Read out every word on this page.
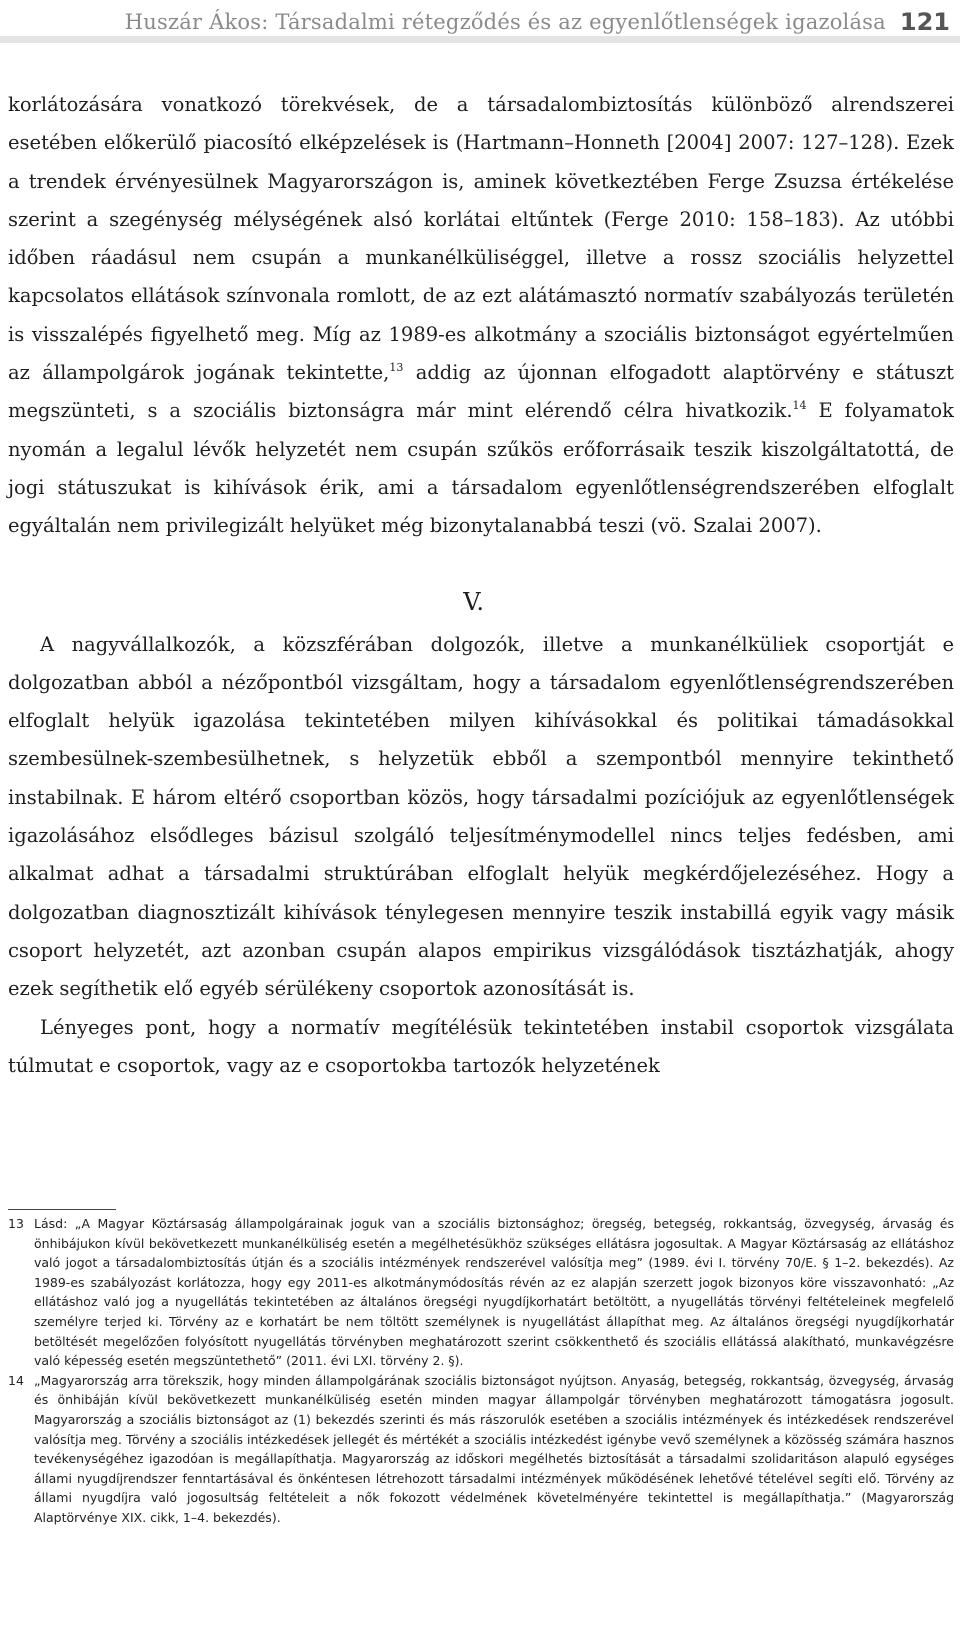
Huszár Ákos: Társadalmi rétegződés és az egyenlőtlenségek igazolása 121

korlátozására vonatkozó törekvések, de a társadalombiztosítás különböző alrendszerei esetében előkerülő piacosító elképzelések is (Hartmann–Honneth [2004] 2007: 127–128). Ezek a trendek érvényesülnek Magyarországon is, aminek következtében Ferge Zsuzsa értékelése szerint a szegénység mélységének alsó korlátai eltűntek (Ferge 2010: 158–183). Az utóbbi időben ráadásul nem csupán a munkanélküliséggel, illetve a rossz szociális helyzettel kapcsolatos ellátások színvonala romlott, de az ezt alátámasztó normatív szabályozás területén is visszalépés figyelhető meg. Míg az 1989-es alkotmány a szociális biztonságot egyértelműen az állampolgárok jogának tekintette,$^{13}$ addig az újonnan elfogadott alaptörvény e státuszt megszünteti, s a szociális biztonságra már mint elérendő célra hivatkozik.$^{14}$ E folyamatok nyomán a legalul lévők helyzetét nem csupán szűkös erőforrásaik teszik kiszolgáltatottá, de jogi státuszukat is kihívások érik, ami a társadalom egyenlőtlenségrendszerében elfoglalt egyáltalán nem privilegizált helyüket még bizonytalanabbá teszi (vö. Szalai 2007).

V.

A nagyvállalkozók, a közszférában dolgozók, illetve a munkanélküliek csoportját e dolgozatban abból a nézőpontból vizsgáltam, hogy a társadalom egyenlőtlenségrendszerében elfoglalt helyük igazolása tekintetében milyen kihívásokkal és politikai támadásokkal szembesülnek-szembesülhetnek, s helyzetük ebből a szempontból mennyire tekinthető instabilnak. E három eltérő csoportban közös, hogy társadalmi pozíciójuk az egyenlőtlenségek igazolásához elsődleges bázisul szolgáló teljesítménymodellel nincs teljes fedésben, ami alkalmat adhat a társadalmi struktúrában elfoglalt helyük megkérdőjelezéséhez. Hogy a dolgozatban diagnosztizált kihívások ténylegesen mennyire teszik instabillá egyik vagy másik csoport helyzetét, azt azonban csupán alapos empirikus vizsgálódások tisztázhatják, ahogy ezek segíthetik elő egyéb sérülékeny csoportok azonosítását is.

Lényeges pont, hogy a normatív megítélésük tekintetében instabil csoportok vizsgálata túlmutat e csoportok, vagy az e csoportokba tartozók helyzetének

13 Lásd: „A Magyar Köztársaság állampolgárainak joguk van a szociális biztonsághoz; öregség, betegség, rokkantság, özvegység, árvaság és önhibájukon kívül bekövetkezett munkanélküliség esetén a megélhetésükhöz szükséges ellátásra jogosultak. A Magyar Köztársaság az ellátáshoz való jogot a társadalombiztosítás útján és a szociális intézmények rendszerével valósítja meg” (1989. évi I. törvény 70/E. § 1–2. bekezdés). Az 1989-es szabályozást korlátozza, hogy egy 2011-es alkotmánymódosítás révén az ez alapján szerzett jogok bizonyos köre visszavonható: „Az ellátáshoz való jog a nyugellátás tekintetében az általános öregségi nyugdíjkorhatárt betöltött, a nyugellátás törvényi feltételeinek megfelelő személyre terjed ki. Törvény az e korhatárt be nem töltött személynek is nyugellátást állapíthat meg. Az általános öregségi nyugdíjkorhatár betöltését megelőzően folyósított nyugellátás törvényben meghatározott szerint csökkenthető és szociális ellátássá alakítható, munkavégzésre való képesség esetén megszüntethető” (2011. évi LXI. törvény 2. §).
14 „Magyarország arra törekszik, hogy minden állampolgárának szociális biztonságot nyújtson. Anyaság, betegség, rokkantság, özvegység, árvaság és önhibáján kívül bekövetkezett munkanélküliség esetén minden magyar állampolgár törvényben meghatározott támogatásra jogosult. Magyarország a szociális biztonságot az (1) bekezdés szerinti és más rászorulók esetében a szociális intézmények és intézkedések rendszerével valósítja meg. Törvény a szociális intézkedések jellegét és mértékét a szociális intézkedést igénybe vevő személynek a közösség számára hasznos tevékenységéhez igazodóan is megállapíthatja. Magyarország az időskori megélhetés biztosítását a társadalmi szolidaritáson alapuló egységes állami nyugdíjrendszer fenntartásával és önkéntesen létrehozott társadalmi intézmények működésének lehetővé tételével segíti elő. Törvény az állami nyugdíjra való jogosultság feltételeit a nők fokozott védelmének követelményére tekintettel is megállapíthatja.” (Magyarország Alaptörvénye XIX. cikk, 1–4. bekezdés).
